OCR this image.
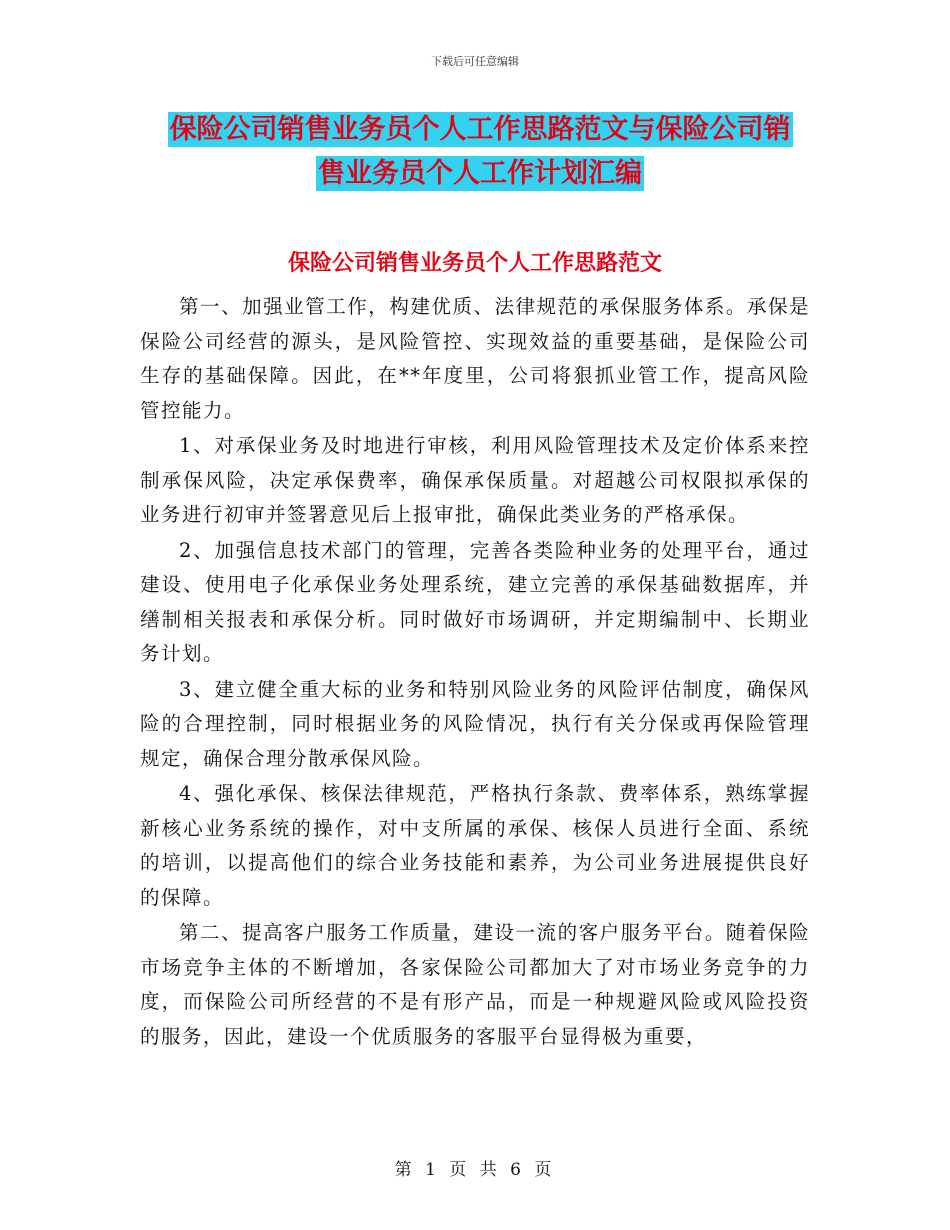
下载后可任意编辑
保险公司销售业务员个人工作思路范文与保险公司销
售业务员个人工作计划汇编
保险公司销售业务员个人工作思路范文

第一、加强业管工作，构建优质、法律规范的承保服务体系。承保是保险公司经营的源头，是风险管控、实现效益的重要基础，是保险公司生存的基础保障。因此，在**年度里，公司将狠抓业管工作，提高风险管控能力。

1、对承保业务及时地进行审核，利用风险管理技术及定价体系来控制承保风险，决定承保费率，确保承保质量。对超越公司权限拟承保的业务进行初审并签署意见后上报审批，确保此类业务的严格承保。

2、加强信息技术部门的管理，完善各类险种业务的处理平台，通过建设、使用电子化承保业务处理系统，建立完善的承保基础数据库，并缮制相关报表和承保分析。同时做好市场调研，并定期编制中、长期业务计划。

3、建立健全重大标的业务和特别风险业务的风险评估制度，确保风险的合理控制，同时根据业务的风险情况，执行有关分保或再保险管理规定，确保合理分散承保风险。

4、强化承保、核保法律规范，严格执行条款、费率体系，熟练掌握新核心业务系统的操作，对中支所属的承保、核保人员进行全面、系统的培训，以提高他们的综合业务技能和素养，为公司业务进展提供良好的保障。

第二、提高客户服务工作质量，建设一流的客户服务平台。随着保险市场竞争主体的不断增加，各家保险公司都加大了对市场业务竞争的力度，而保险公司所经营的不是有形产品，而是一种规避风险或风险投资的服务，因此，建设一个优质服务的客服平台显得极为重要，

第 1 页 共 6 页
